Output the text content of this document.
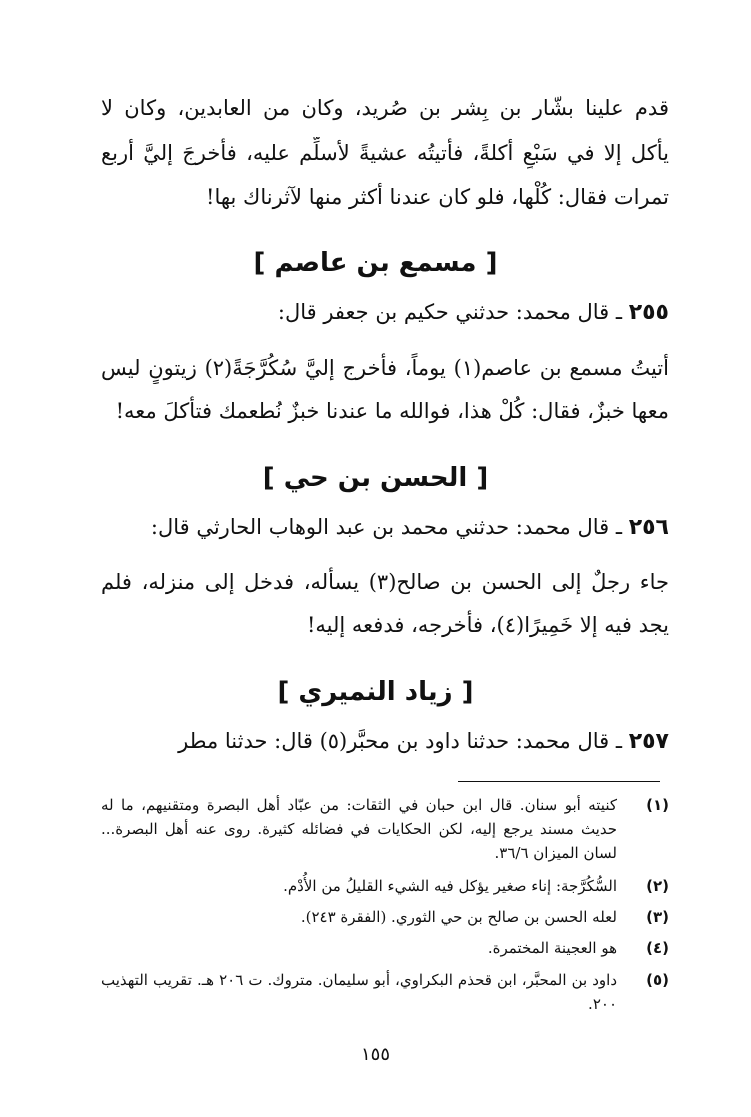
قدم علينا بشّار بن بِشر بن صُريد، وكان من العابدين، وكان لا
يأكل إلا في سَبْعٍ أكلةً، فأتيتُه عشيةً لأسلِّم عليه، فأخرجَ إليَّ أربع
تمرات فقال: كُلْها، فلو كان عندنا أكثر منها لآثرناك بها!
[ مسمع بن عاصم ]
٢٥٥ ـ قال محمد: حدثني حكيم بن جعفر قال:
أتيتُ مسمع بن عاصم(١) يوماً، فأخرج إليَّ سُكُرَّجَةً(٢) زيتونٍ ليس
معها خبزٌ، فقال: كُلْ هذا، فوالله ما عندنا خبزٌ نُطعمك فتأكلَ معه!
[ الحسن بن حي ]
٢٥٦ ـ قال محمد: حدثني محمد بن عبد الوهاب الحارثي قال:
جاء رجلٌ إلى الحسن بن صالح(٣) يسأله، فدخل إلى منزله، فلم
يجد فيه إلا خَمِيرًا(٤)، فأخرجه، فدفعه إليه!
[ زياد النميري ]
٢٥٧ ـ قال محمد: حدثنا داود بن محبَّر(٥) قال: حدثنا مطر
(١)
كنيته أبو سنان. قال ابن حبان في الثقات: من عبّاد أهل البصرة ومتقنيهم، ما له حديث مسند يرجع إليه، لكن الحكايات في فضائله كثيرة. روى عنه أهل البصرة... لسان الميزان ٣٦/٦.
(٢)
السُّكُرَّجة: إناء صغير يؤكل فيه الشيء القليلُ من الأُدْم.
(٣)
لعله الحسن بن صالح بن حي الثوري. (الفقرة ٢٤٣).
(٤)
هو العجينة المختمرة.
(٥)
داود بن المحبَّر، ابن قحذم البكراوي، أبو سليمان. متروك. ت ٢٠٦ هـ. تقريب التهذيب ٢٠٠.
١٥٥
